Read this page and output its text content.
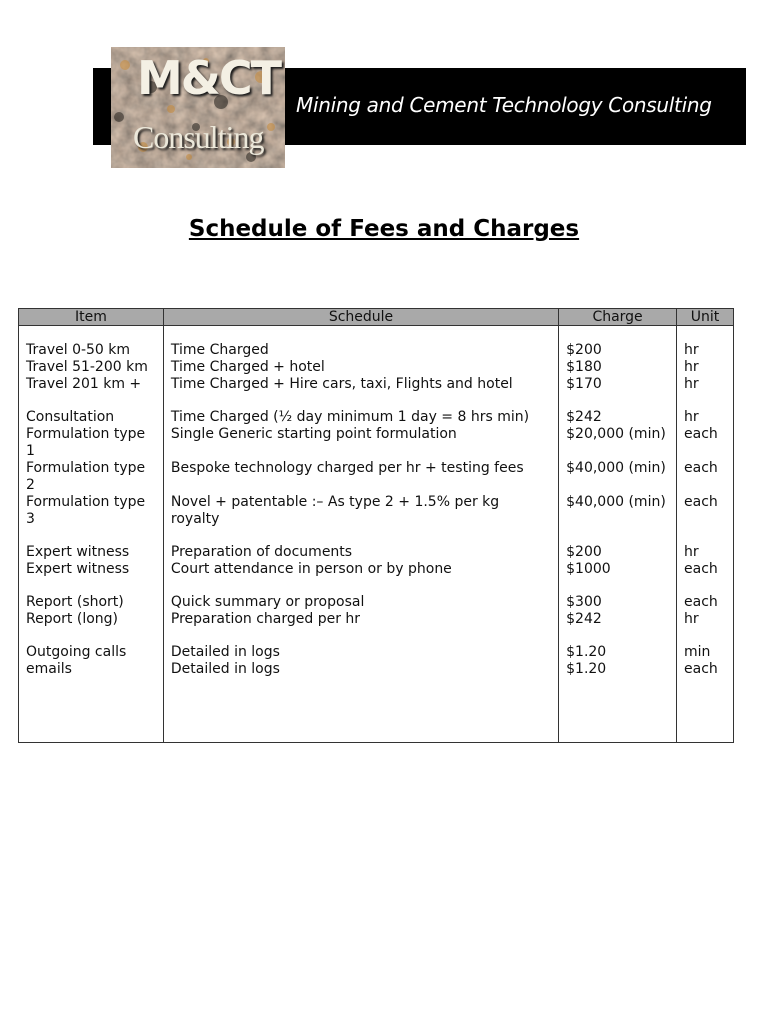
M&CT
Consulting
Mining and Cement Technology Consulting
Schedule of Fees and Charges
Item	Schedule	Charge	Unit

Travel 0-50 km	Time Charged	$200	hr
Travel 51-200 km	Time Charged + hotel	$180	hr
Travel 201 km +	Time Charged + Hire cars, taxi, Flights and hotel	$170	hr

Consultation	Time Charged (½ day minimum 1 day = 8 hrs min)	$242	hr
Formulation type 1	Single Generic starting point formulation	$20,000 (min)	each
Formulation type 2	Bespoke technology charged per hr + testing fees	$40,000 (min)	each
Formulation type 3	Novel + patentable :– As type 2 + 1.5% per kg royalty	$40,000 (min)	each

Expert witness	Preparation of documents	$200	hr
Expert witness	Court attendance in person or by phone	$1000	each

Report (short)	Quick summary or proposal	$300	each
Report (long)	Preparation charged per hr	$242	hr

Outgoing calls	Detailed in logs	$1.20	min
emails	Detailed in logs	$1.20	each
